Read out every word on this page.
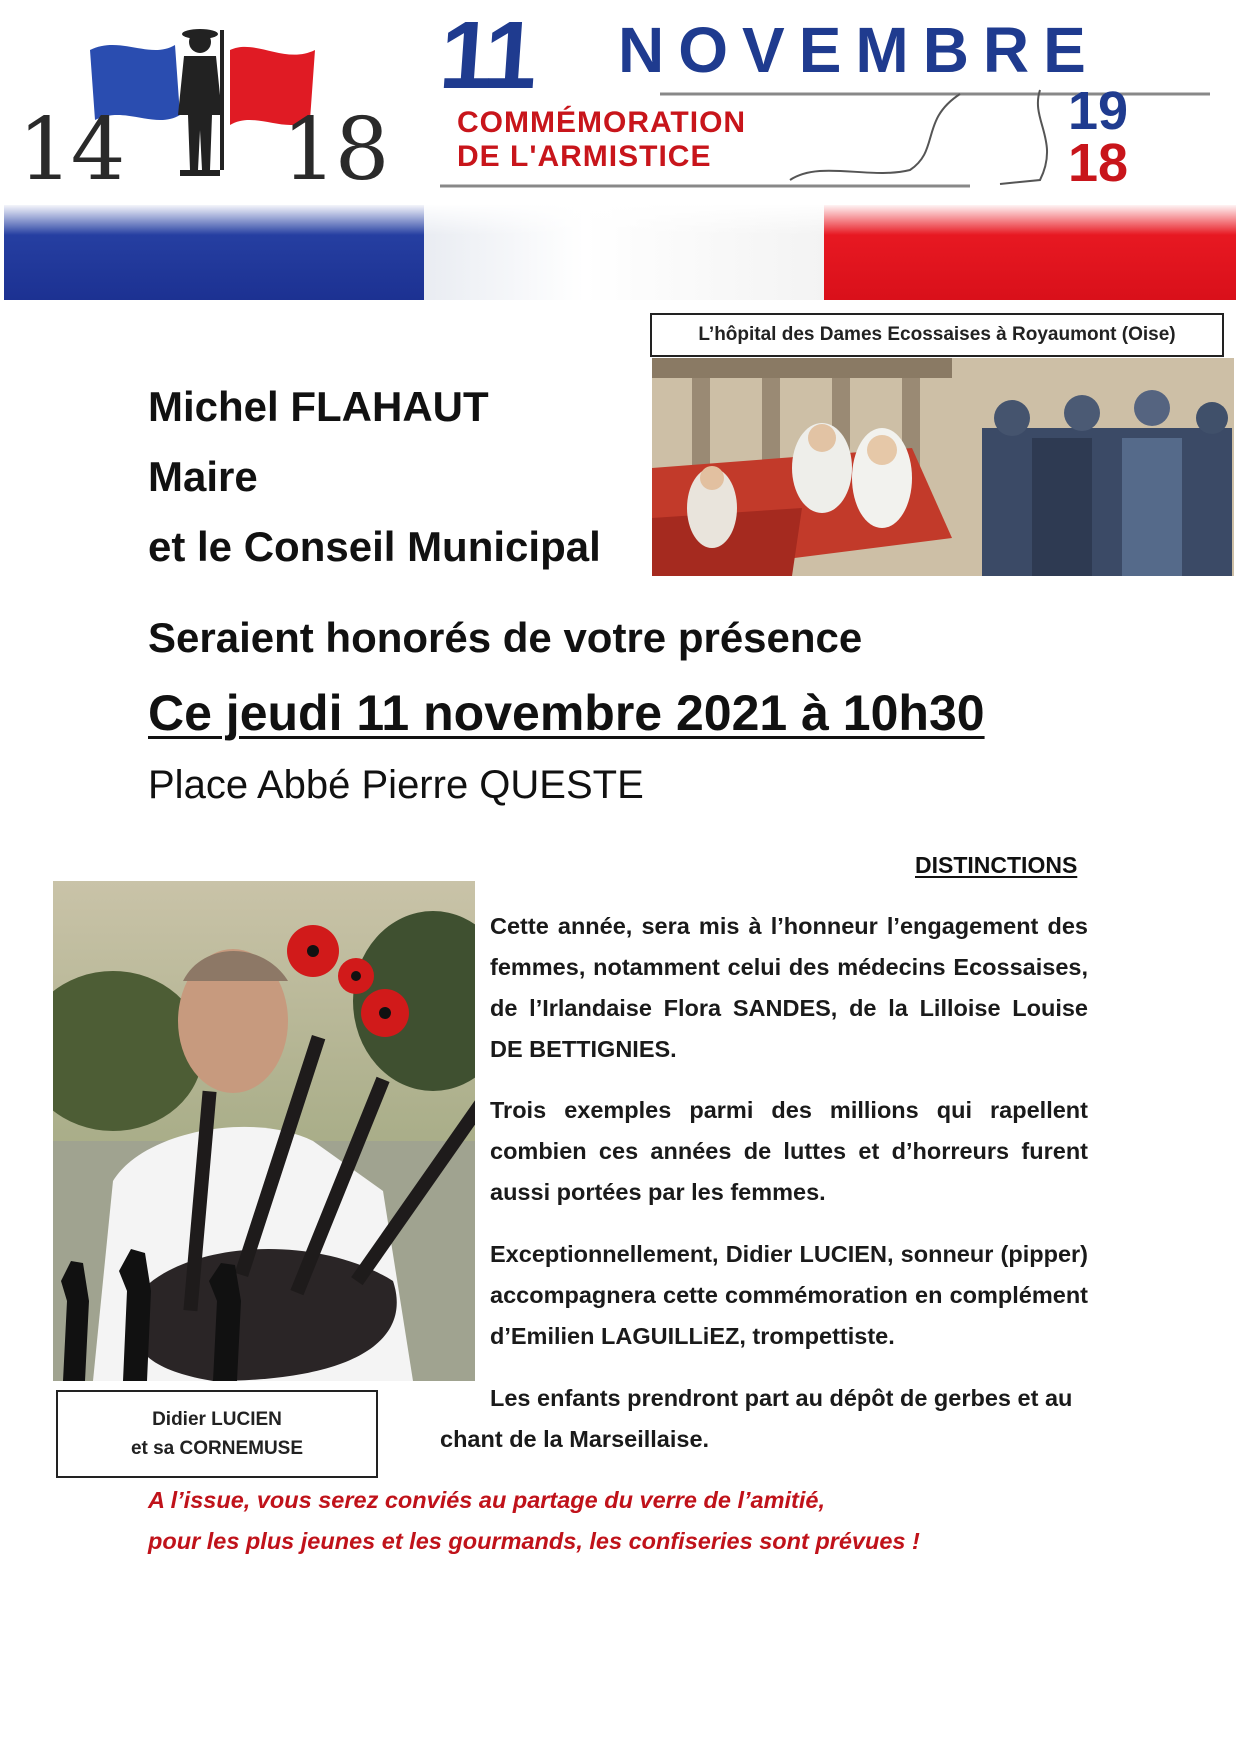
14 18
11 NOVEMBRE
COMMÉMORATION
DE L'ARMISTICE
19
18
L’hôpital des Dames Ecossaises à Royaumont (Oise)
Michel FLAHAUT
Maire
et le Conseil Municipal
Seraient honorés de votre présence
Ce jeudi 11 novembre 2021 à 10h30
Place Abbé Pierre QUESTE
Didier LUCIEN
et sa CORNEMUSE
DISTINCTIONS
Cette année, sera mis à l’honneur l’engagement des femmes, notamment celui des médecins Ecossaises, de l’Irlandaise Flora SANDES, de la Lilloise Louise DE BETTIGNIES.
Trois exemples parmi des millions qui rapellent combien ces années de luttes et d’horreurs furent aussi portées par les femmes.
Exceptionnellement, Didier LUCIEN, sonneur (pipper) accompagnera cette commémoration en complément d’Emilien LAGUILLiEZ, trompettiste.
Les enfants prendront part au dépôt de gerbes et au chant de la Marseillaise.
A l’issue, vous serez conviés au partage du verre de l’amitié,
pour les plus jeunes et les gourmands, les confiseries sont prévues !
